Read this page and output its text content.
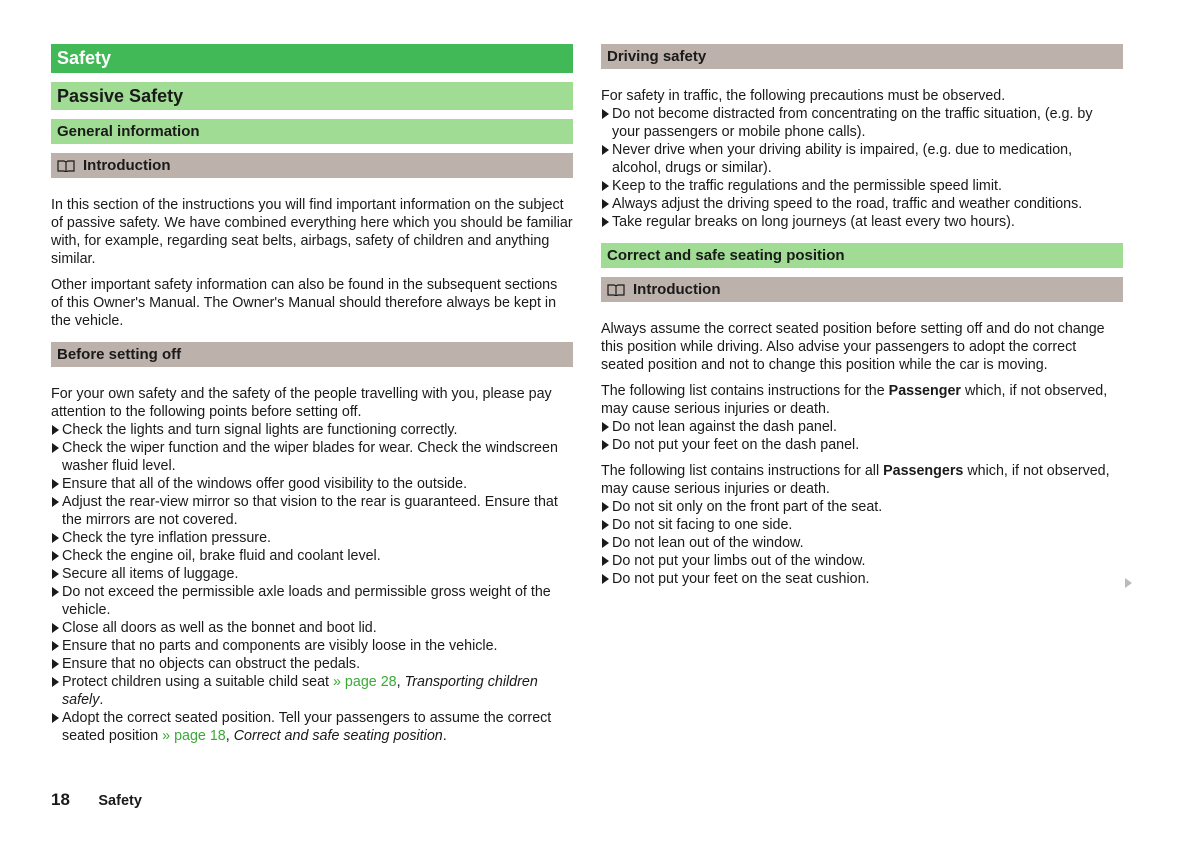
Safety
Passive Safety
General information
Introduction

In this section of the instructions you will find important information on the subject of passive safety. We have combined everything here which you should be familiar with, for example, regarding seat belts, airbags, safety of children and anything similar.

Other important safety information can also be found in the subsequent sections of this Owner's Manual. The Owner's Manual should therefore always be kept in the vehicle.

Before setting off
For your own safety and the safety of the people travelling with you, please pay attention to the following points before setting off.
Check the lights and turn signal lights are functioning correctly.
Check the wiper function and the wiper blades for wear. Check the windscreen washer fluid level.
Ensure that all of the windows offer good visibility to the outside.
Adjust the rear-view mirror so that vision to the rear is guaranteed. Ensure that the mirrors are not covered.
Check the tyre inflation pressure.
Check the engine oil, brake fluid and coolant level.
Secure all items of luggage.
Do not exceed the permissible axle loads and permissible gross weight of the vehicle.
Close all doors as well as the bonnet and boot lid.
Ensure that no parts and components are visibly loose in the vehicle.
Ensure that no objects can obstruct the pedals.
Protect children using a suitable child seat » page 28, Transporting children safely.
Adopt the correct seated position. Tell your passengers to assume the correct seated position » page 18, Correct and safe seating position.
Driving safety
For safety in traffic, the following precautions must be observed.
Do not become distracted from concentrating on the traffic situation, (e.g. by your passengers or mobile phone calls).
Never drive when your driving ability is impaired, (e.g. due to medication, alcohol, drugs or similar).
Keep to the traffic regulations and the permissible speed limit.
Always adjust the driving speed to the road, traffic and weather conditions.
Take regular breaks on long journeys (at least every two hours).
Correct and safe seating position
Introduction

Always assume the correct seated position before setting off and do not change this position while driving. Also advise your passengers to adopt the correct seated position and not to change this position while the car is moving.

The following list contains instructions for the Passenger which, if not observed, may cause serious injuries or death.
Do not lean against the dash panel.
Do not put your feet on the dash panel.
The following list contains instructions for all Passengers which, if not observed, may cause serious injuries or death.
Do not sit only on the front part of the seat.
Do not sit facing to one side.
Do not lean out of the window.
Do not put your limbs out of the window.
Do not put your feet on the seat cushion.
18 Safety
